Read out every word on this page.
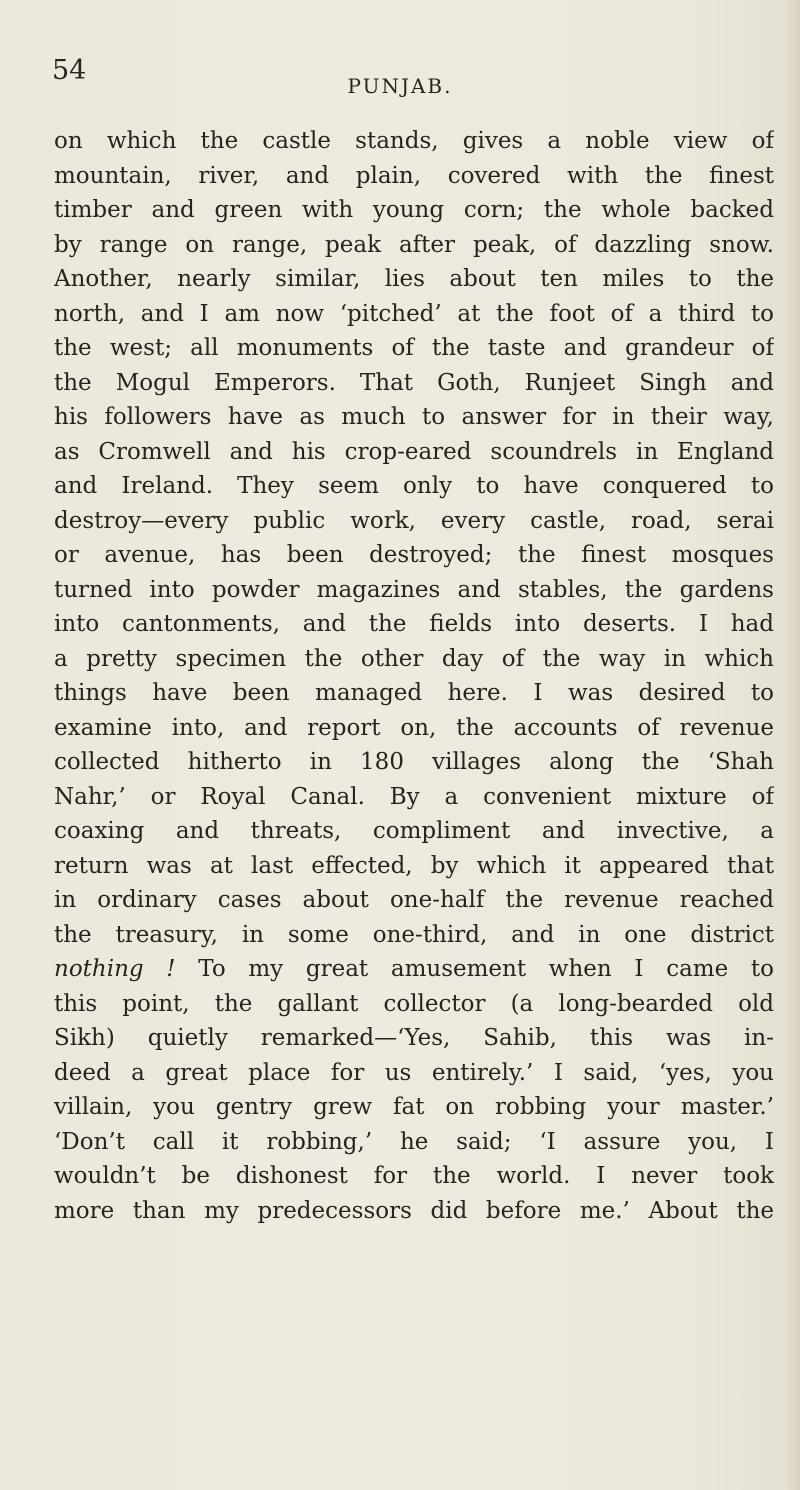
54	PUNJAB.
on which the castle stands, gives a noble view of
mountain, river, and plain, covered with the finest
timber and green with young corn; the whole backed
by range on range, peak after peak, of dazzling snow.
Another, nearly similar, lies about ten miles to the
north, and I am now ‘pitched’ at the foot of a third to
the west; all monuments of the taste and grandeur of
the Mogul Emperors. That Goth, Runjeet Singh and
his followers have as much to answer for in their way,
as Cromwell and his crop-eared scoundrels in England
and Ireland. They seem only to have conquered to
destroy—every public work, every castle, road, serai
or avenue, has been destroyed; the finest mosques
turned into powder magazines and stables, the gardens
into cantonments, and the fields into deserts. I had
a pretty specimen the other day of the way in which
things have been managed here. I was desired to
examine into, and report on, the accounts of revenue
collected hitherto in 180 villages along the ‘Shah
Nahr,’ or Royal Canal. By a convenient mixture of
coaxing and threats, compliment and invective, a
return was at last effected, by which it appeared that
in ordinary cases about one-half the revenue reached
the treasury, in some one-third, and in one district
nothing ! To my great amusement when I came to
this point, the gallant collector (a long-bearded old
Sikh) quietly remarked—‘Yes, Sahib, this was in-
deed a great place for us entirely.’ I said, ‘yes, you
villain, you gentry grew fat on robbing your master.’
‘Don’t call it robbing,’ he said; ‘I assure you, I
wouldn’t be dishonest for the world. I never took
more than my predecessors did before me.’ About the
